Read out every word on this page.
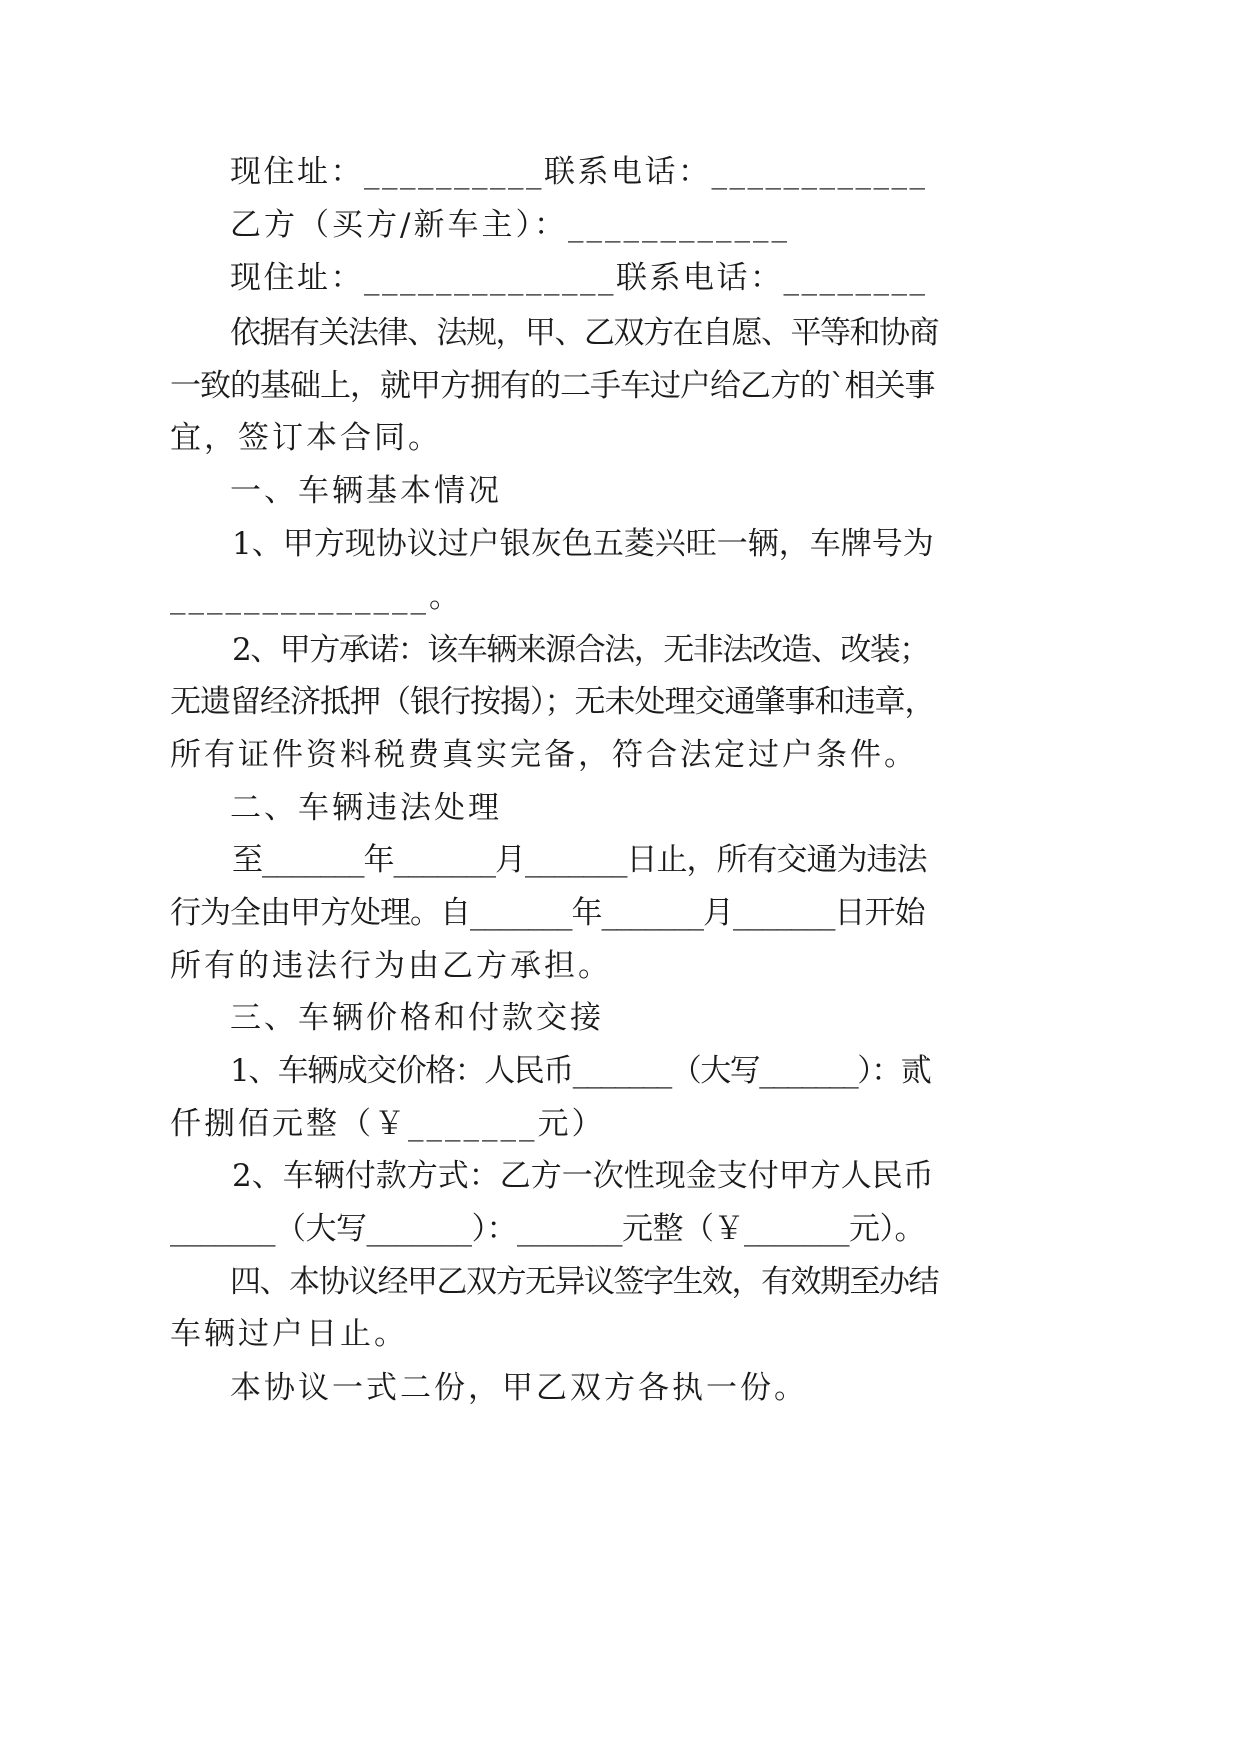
现住址：__________联系电话：____________
乙方（买方/新车主）：____________
现住址：______________联系电话：________
依据有关法律、法规，甲、乙双方在自愿、平等和协商
一致的基础上，就甲方拥有的二手车过户给乙方的`相关事
宜，签订本合同。
一、车辆基本情况
1、甲方现协议过户银灰色五菱兴旺一辆，车牌号为
______________。
2、甲方承诺：该车辆来源合法，无非法改造、改装；
无遗留经济抵押（银行按揭）；无未处理交通肇事和违章，
所有证件资料税费真实完备，符合法定过户条件。
二、车辆违法处理
至_______年_______月_______日止，所有交通为违法
行为全由甲方处理。自_______年_______月_______日开始
所有的违法行为由乙方承担。
三、车辆价格和付款交接
1、车辆成交价格：人民币_______（大写_______）：贰
仟捌佰元整（￥_______元）
2、车辆付款方式：乙方一次性现金支付甲方人民币
_______（大写_______）：_______元整（￥_______元）。
四、本协议经甲乙双方无异议签字生效，有效期至办结
车辆过户日止。
本协议一式二份，甲乙双方各执一份。
